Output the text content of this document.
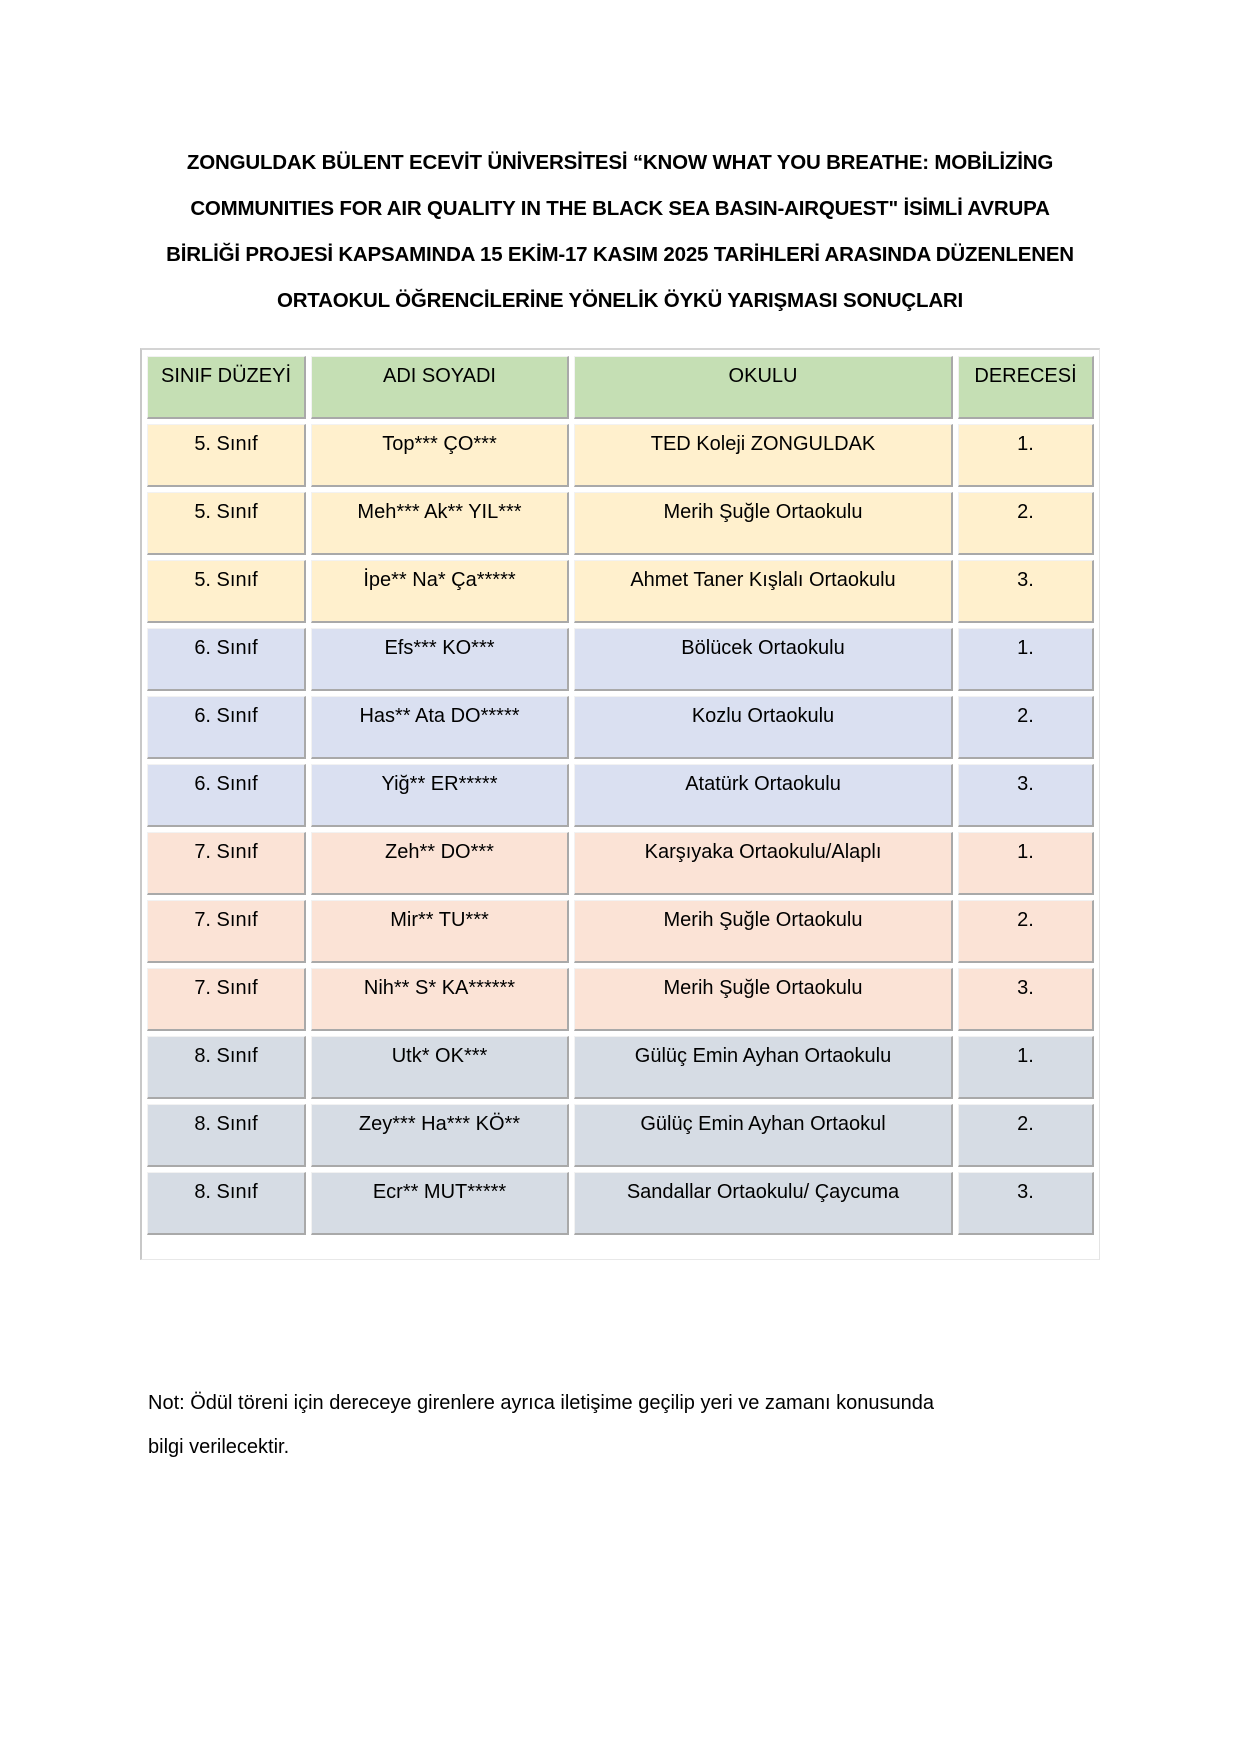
ZONGULDAK BÜLENT ECEVİT ÜNİVERSİTESİ “KNOW WHAT YOU BREATHE: MOBİLİZİNG
COMMUNITIES FOR AIR QUALITY IN THE BLACK SEA BASIN-AIRQUEST" İSİMLİ AVRUPA
BİRLİĞİ PROJESİ KAPSAMINDA 15 EKİM-17 KASIM 2025 TARİHLERİ ARASINDA DÜZENLENEN
ORTAOKUL ÖĞRENCİLERİNE YÖNELİK ÖYKÜ YARIŞMASI SONUÇLARI
SINIF DÜZEYİ	ADI SOYADI	OKULU	DERECESİ
5. Sınıf	Top*** ÇO***	TED Koleji ZONGULDAK	1.
5. Sınıf	Meh*** Ak** YIL***	Merih Şuğle Ortaokulu	2.
5. Sınıf	İpe** Na* Ça*****	Ahmet Taner Kışlalı Ortaokulu	3.
6. Sınıf	Efs*** KO***	Bölücek Ortaokulu	1.
6. Sınıf	Has** Ata DO*****	Kozlu Ortaokulu	2.
6. Sınıf	Yiğ** ER*****	Atatürk Ortaokulu	3.
7. Sınıf	Zeh** DO***	Karşıyaka Ortaokulu/Alaplı	1.
7. Sınıf	Mir** TU***	Merih Şuğle Ortaokulu	2.
7. Sınıf	Nih** S* KA******	Merih Şuğle Ortaokulu	3.
8. Sınıf	Utk* OK***	Gülüç Emin Ayhan Ortaokulu	1.
8. Sınıf	Zey*** Ha*** KÖ**	Gülüç Emin Ayhan Ortaokul	2.
8. Sınıf	Ecr** MUT*****	Sandallar Ortaokulu/ Çaycuma	3.
Not: Ödül töreni için dereceye girenlere ayrıca iletişime geçilip yeri ve zamanı konusunda
bilgi verilecektir.
